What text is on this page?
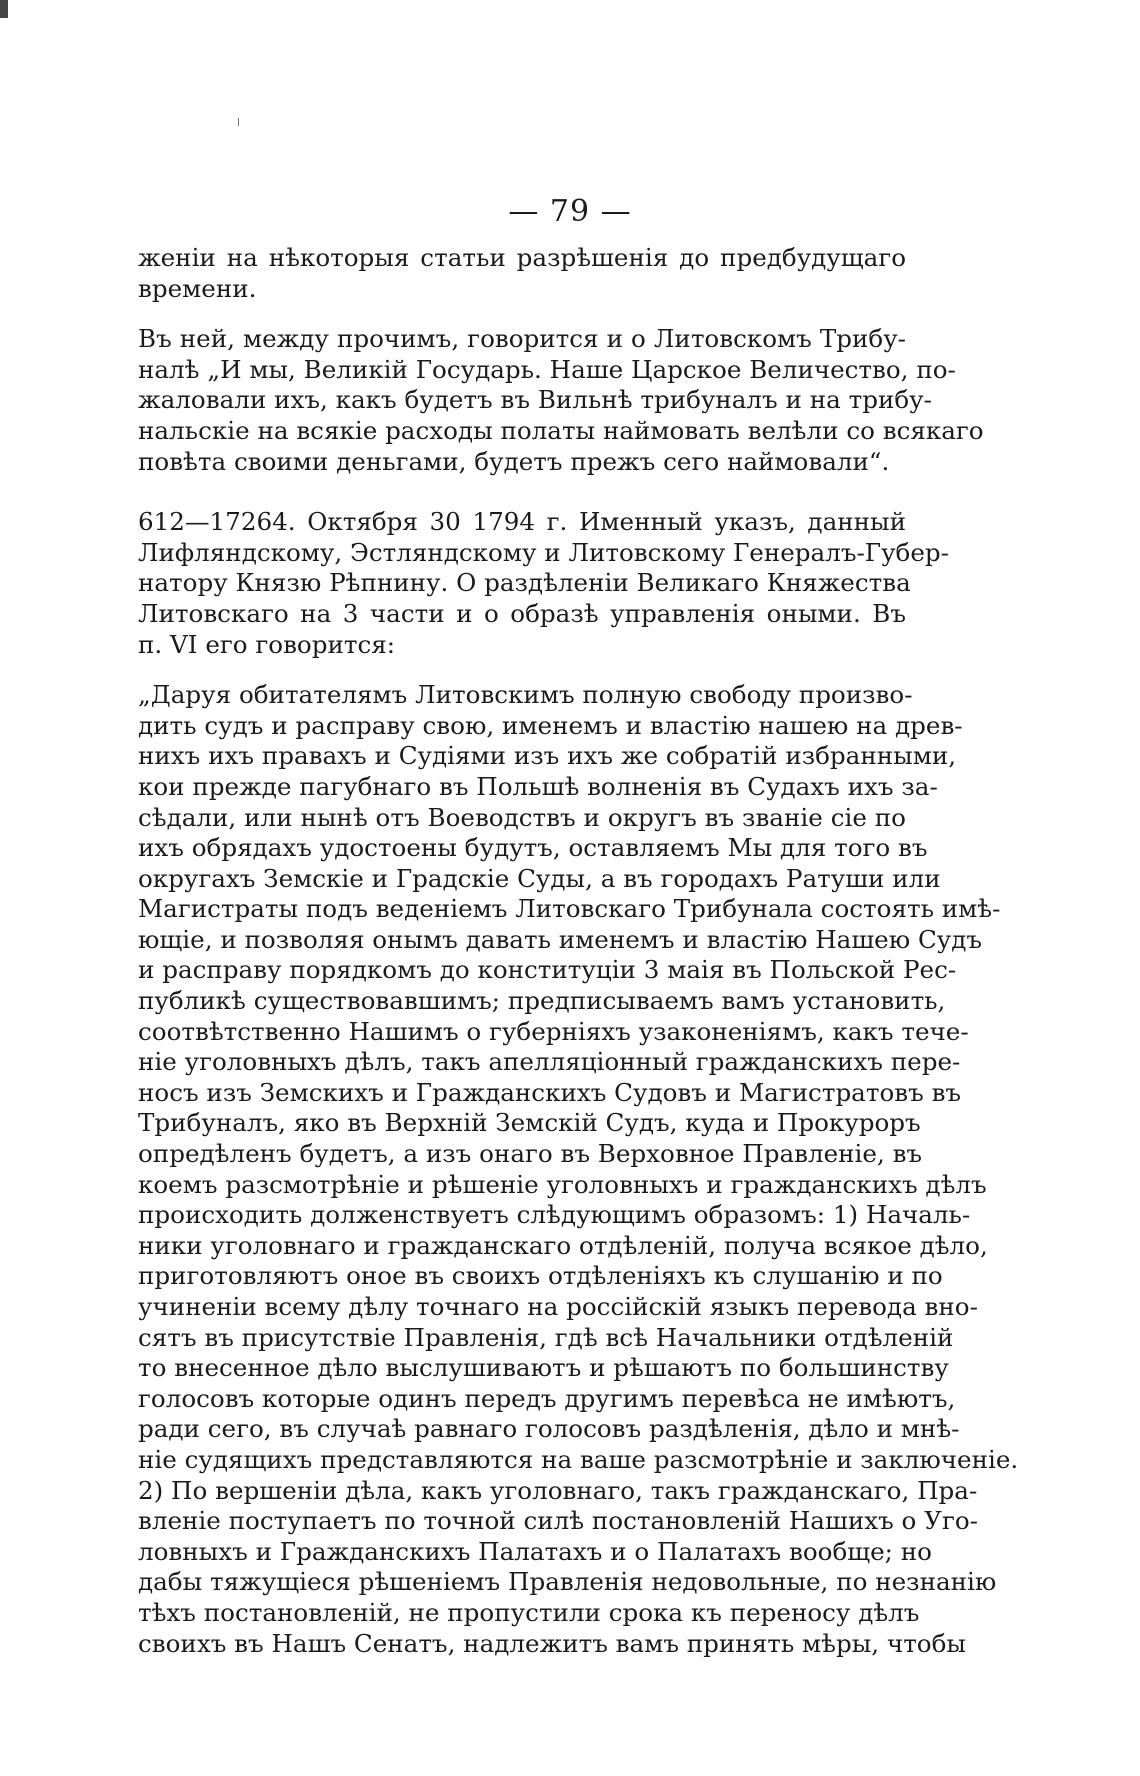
— 79 —
женiи на нѣкоторыя статьи разрѣшенiя до предбудущаго
времени.
Въ ней, между прочимъ, говорится и о Литовскомъ Трибу-
налѣ „И мы, Великiй Государь. Наше Царское Величество, по-
жаловали ихъ, какъ будетъ въ Вильнѣ трибуналъ и на трибу-
нальскiе на всякiе расходы полаты наймовать велѣли со всякаго
повѣта своими деньгами, будетъ прежъ сего наймовали“.
612—17264. Октября 30 1794 г. Именный указъ, данный
Лифляндскому, Эстляндскому и Литовскому Генералъ-Губер-
натору Князю Рѣпнину. О раздѣленiи Великаго Княжества
Литовскаго на 3 части и о образѣ управленiя оными. Въ
п. VI его говорится:
„Даруя обитателямъ Литовскимъ полную свободу произво-
дить судъ и расправу свою, именемъ и властiю нашею на древ-
нихъ ихъ правахъ и Судiями изъ ихъ же собратiй избранными,
кои прежде пагубнаго въ Польшѣ волненiя въ Судахъ ихъ за-
сѣдали, или нынѣ отъ Воеводствъ и округъ въ званiе сiе по
ихъ обрядахъ удостоены будутъ, оставляемъ Мы для того въ
округахъ Земскiе и Градскiе Суды, а въ городахъ Ратуши или
Магистраты подъ веденiемъ Литовскаго Трибунала состоять имѣ-
ющiе, и позволяя онымъ давать именемъ и властiю Нашею Судъ
и расправу порядкомъ до конституцiи 3 маiя въ Польской Рес-
публикѣ существовавшимъ; предписываемъ вамъ установить,
соотвѣтственно Нашимъ о губернiяхъ узаконенiямъ, какъ тече-
нiе уголовныхъ дѣлъ, такъ апелляцiонный гражданскихъ пере-
носъ изъ Земскихъ и Гражданскихъ Судовъ и Магистратовъ въ
Трибуналъ, яко въ Верхнiй Земскiй Судъ, куда и Прокуроръ
опредѣленъ будетъ, а изъ онаго въ Верховное Правленiе, въ
коемъ разсмотрѣнiе и рѣшенiе уголовныхъ и гражданскихъ дѣлъ
происходить долженствуетъ слѣдующимъ образомъ: 1) Началь-
ники уголовнаго и гражданскаго отдѣленiй, получа всякое дѣло,
приготовляютъ оное въ своихъ отдѣленiяхъ къ слушанiю и по
учиненiи всему дѣлу точнаго на россiйскiй языкъ перевода вно-
сятъ въ присутствiе Правленiя, гдѣ всѣ Начальники отдѣленiй
то внесенное дѣло выслушиваютъ и рѣшаютъ по большинству
голосовъ которые одинъ передъ другимъ перевѣса не имѣютъ,
ради сего, въ случаѣ равнаго голосовъ раздѣленiя, дѣло и мнѣ-
нiе судящихъ представляются на ваше разсмотрѣнiе и заключенiе.
2) По вершенiи дѣла, какъ уголовнаго, такъ гражданскаго, Пра-
вленiе поступаетъ по точной силѣ постановленiй Нашихъ о Уго-
ловныхъ и Гражданскихъ Палатахъ и о Палатахъ вообще; но
дабы тяжущiеся рѣшенiемъ Правленiя недовольные, по незнанiю
тѣхъ постановленiй, не пропустили срока къ переносу дѣлъ
своихъ въ Нашъ Сенатъ, надлежитъ вамъ принять мѣры, чтобы
